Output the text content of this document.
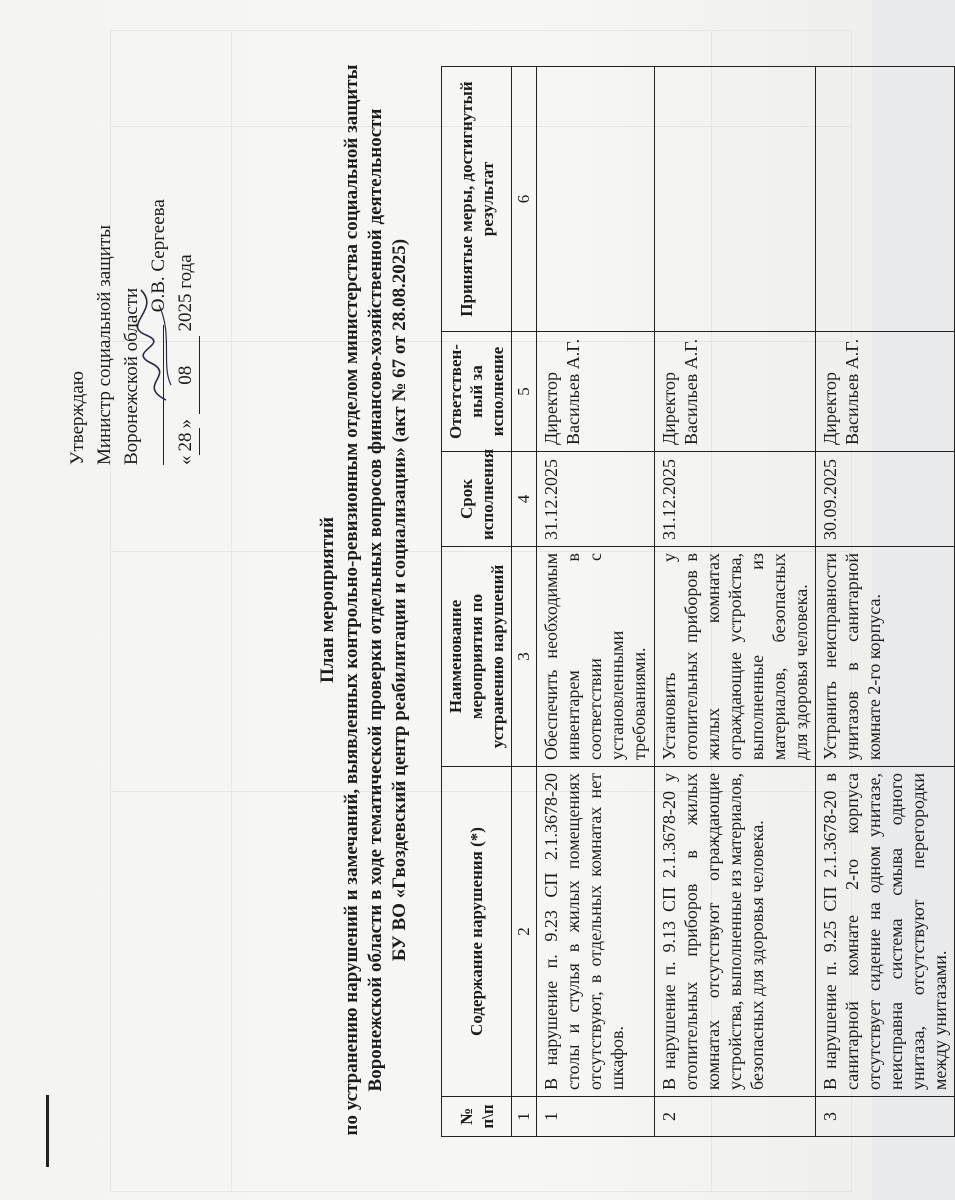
Утверждаю Министр социальной защиты Воронежской области

О.В. Сергеева
«28» 08 2025 года
План мероприятий по устранению нарушений и замечаний, выявленных контрольно-ревизионным отделом министерства социальной защиты Воронежской области в ходе тематической проверки отдельных вопросов финансово-хозяйственной деятельности БУ ВО «Гвоздевский центр реабилитации и социализации» (акт № 67 от 28.08.2025)
№ п\п	Содержание нарушения (*)	Наименование мероприятия по устранению нарушений	Срок исполнения	Ответствен-ный за исполнение	Принятые меры, достигнутый результат
1	2	3	4	5	6
1	В нарушение п. 9.23 СП 2.1.3678-20 столы и стулья в жилых помещениях отсутствуют, в отдельных комнатах нет шкафов.	Обеспечить необходимым инвентарем в соответствии с установленными требованиями.	31.12.2025	Директор Васильев А.Г.	
2	В нарушение п. 9.13 СП 2.1.3678-20 у отопительных приборов в жилых комнатах отсутствуют ограждающие устройства, выполненные из материалов, безопасных для здоровья человека.	Установить у отопительных приборов в жилых комнатах ограждающие устройства, выполненные из материалов, безопасных для здоровья человека.	31.12.2025	Директор Васильев А.Г.	
3	В нарушение п. 9.25 СП 2.1.3678-20 в санитарной комнате 2-го корпуса отсутствует сидение на одном унитазе, неисправна система смыва одного унитаза, отсутствуют перегородки между унитазами.	Устранить неисправности унитазов в санитарной комнате 2-го корпуса.	30.09.2025	Директор Васильев А.Г.	
